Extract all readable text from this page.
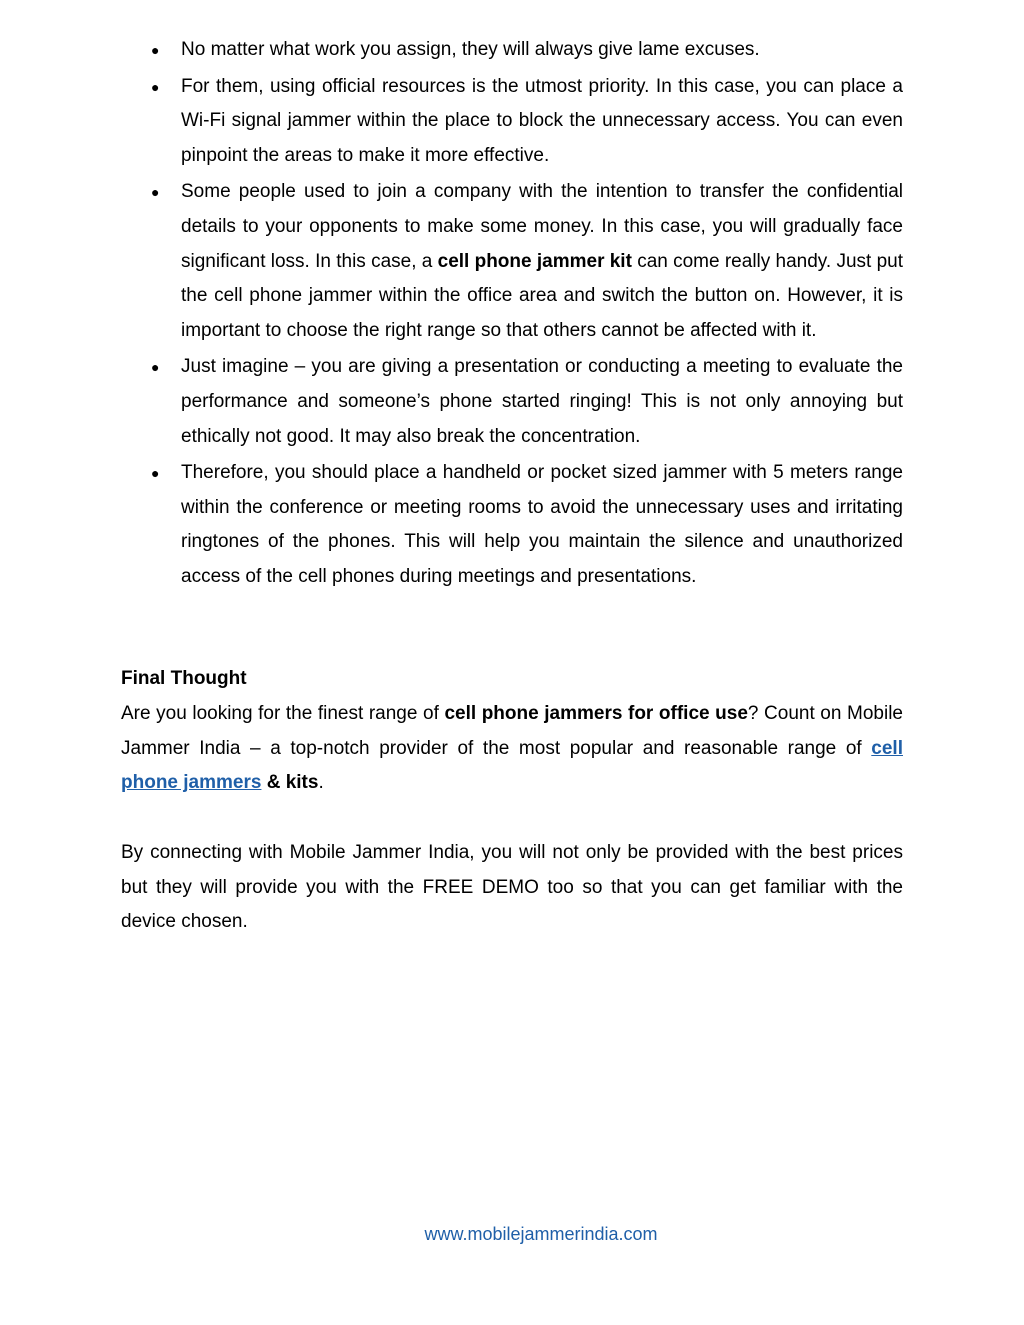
● No matter what work you assign, they will always give lame excuses.
● For them, using official resources is the utmost priority. In this case, you can place a Wi-Fi signal jammer within the place to block the unnecessary access. You can even pinpoint the areas to make it more effective.
● Some people used to join a company with the intention to transfer the confidential details to your opponents to make some money. In this case, you will gradually face significant loss. In this case, a cell phone jammer kit can come really handy. Just put the cell phone jammer within the office area and switch the button on. However, it is important to choose the right range so that others cannot be affected with it.
● Just imagine – you are giving a presentation or conducting a meeting to evaluate the performance and someone’s phone started ringing! This is not only annoying but ethically not good. It may also break the concentration.
● Therefore, you should place a handheld or pocket sized jammer with 5 meters range within the conference or meeting rooms to avoid the unnecessary uses and irritating ringtones of the phones. This will help you maintain the silence and unauthorized access of the cell phones during meetings and presentations.
Final Thought
Are you looking for the finest range of cell phone jammers for office use? Count on Mobile Jammer India – a top-notch provider of the most popular and reasonable range of cell phone jammers & kits.
By connecting with Mobile Jammer India, you will not only be provided with the best prices but they will provide you with the FREE DEMO too so that you can get familiar with the device chosen.
www.mobilejammerindia.com
